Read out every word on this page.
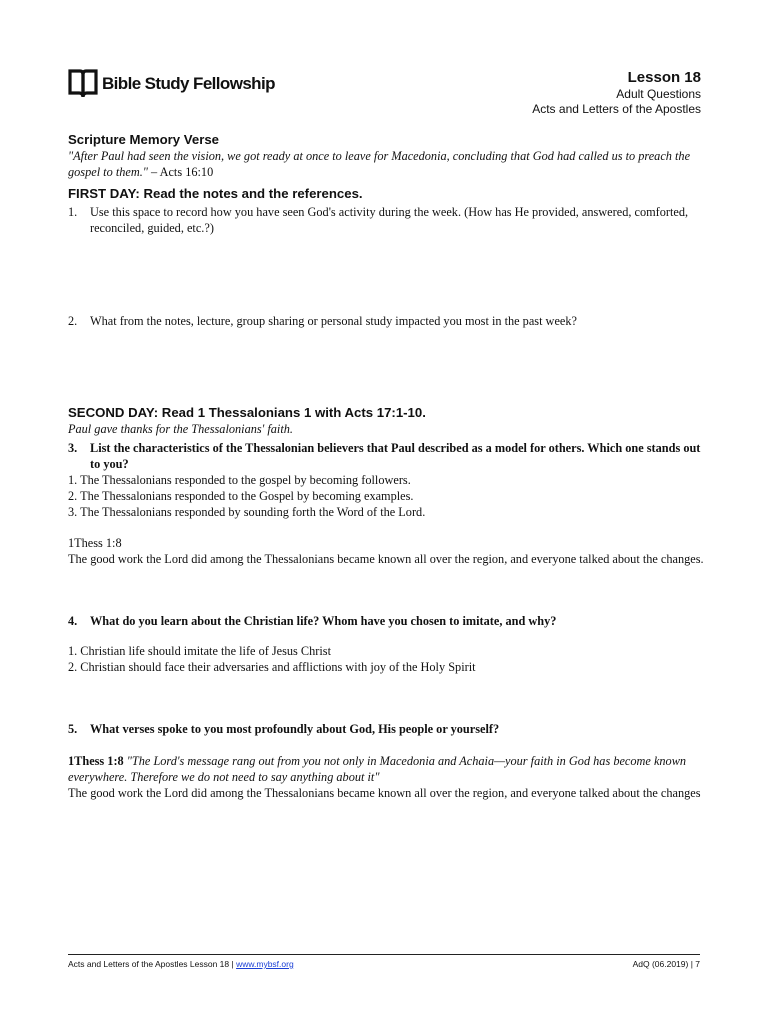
Bible Study Fellowship	Lesson 18
Adult Questions
Acts and Letters of the Apostles
Scripture Memory Verse
"After Paul had seen the vision, we got ready at once to leave for Macedonia, concluding that God had called us to preach the gospel to them." – Acts 16:10
FIRST DAY: Read the notes and the references.
1.	Use this space to record how you have seen God's activity during the week. (How has He provided, answered, comforted, reconciled, guided, etc.?)
2.	What from the notes, lecture, group sharing or personal study impacted you most in the past week?
SECOND DAY: Read 1 Thessalonians 1 with Acts 17:1-10.
Paul gave thanks for the Thessalonians' faith.
3.	List the characteristics of the Thessalonian believers that Paul described as a model for others. Which one stands out to you?
1. The Thessalonians responded to the gospel by becoming followers.
2. The Thessalonians responded to the Gospel by becoming examples.
3. The Thessalonians responded by sounding forth the Word of the Lord.
1Thess 1:8
The good work the Lord did among the Thessalonians became known all over the region, and everyone talked about the changes.
4.	What do you learn about the Christian life? Whom have you chosen to imitate, and why?
1. Christian life should imitate the life of Jesus Christ
2. Christian should face their adversaries and afflictions with joy of the Holy Spirit
5.	What verses spoke to you most profoundly about God, His people or yourself?
1Thess 1:8 "The Lord's message rang out from you not only in Macedonia and Achaia—your faith in God has become known everywhere. Therefore we do not need to say anything about it"
The good work the Lord did among the Thessalonians became known all over the region, and everyone talked about the changes
Acts and Letters of the Apostles Lesson 18 | www.mybsf.org	AdQ (06.2019) | 7
